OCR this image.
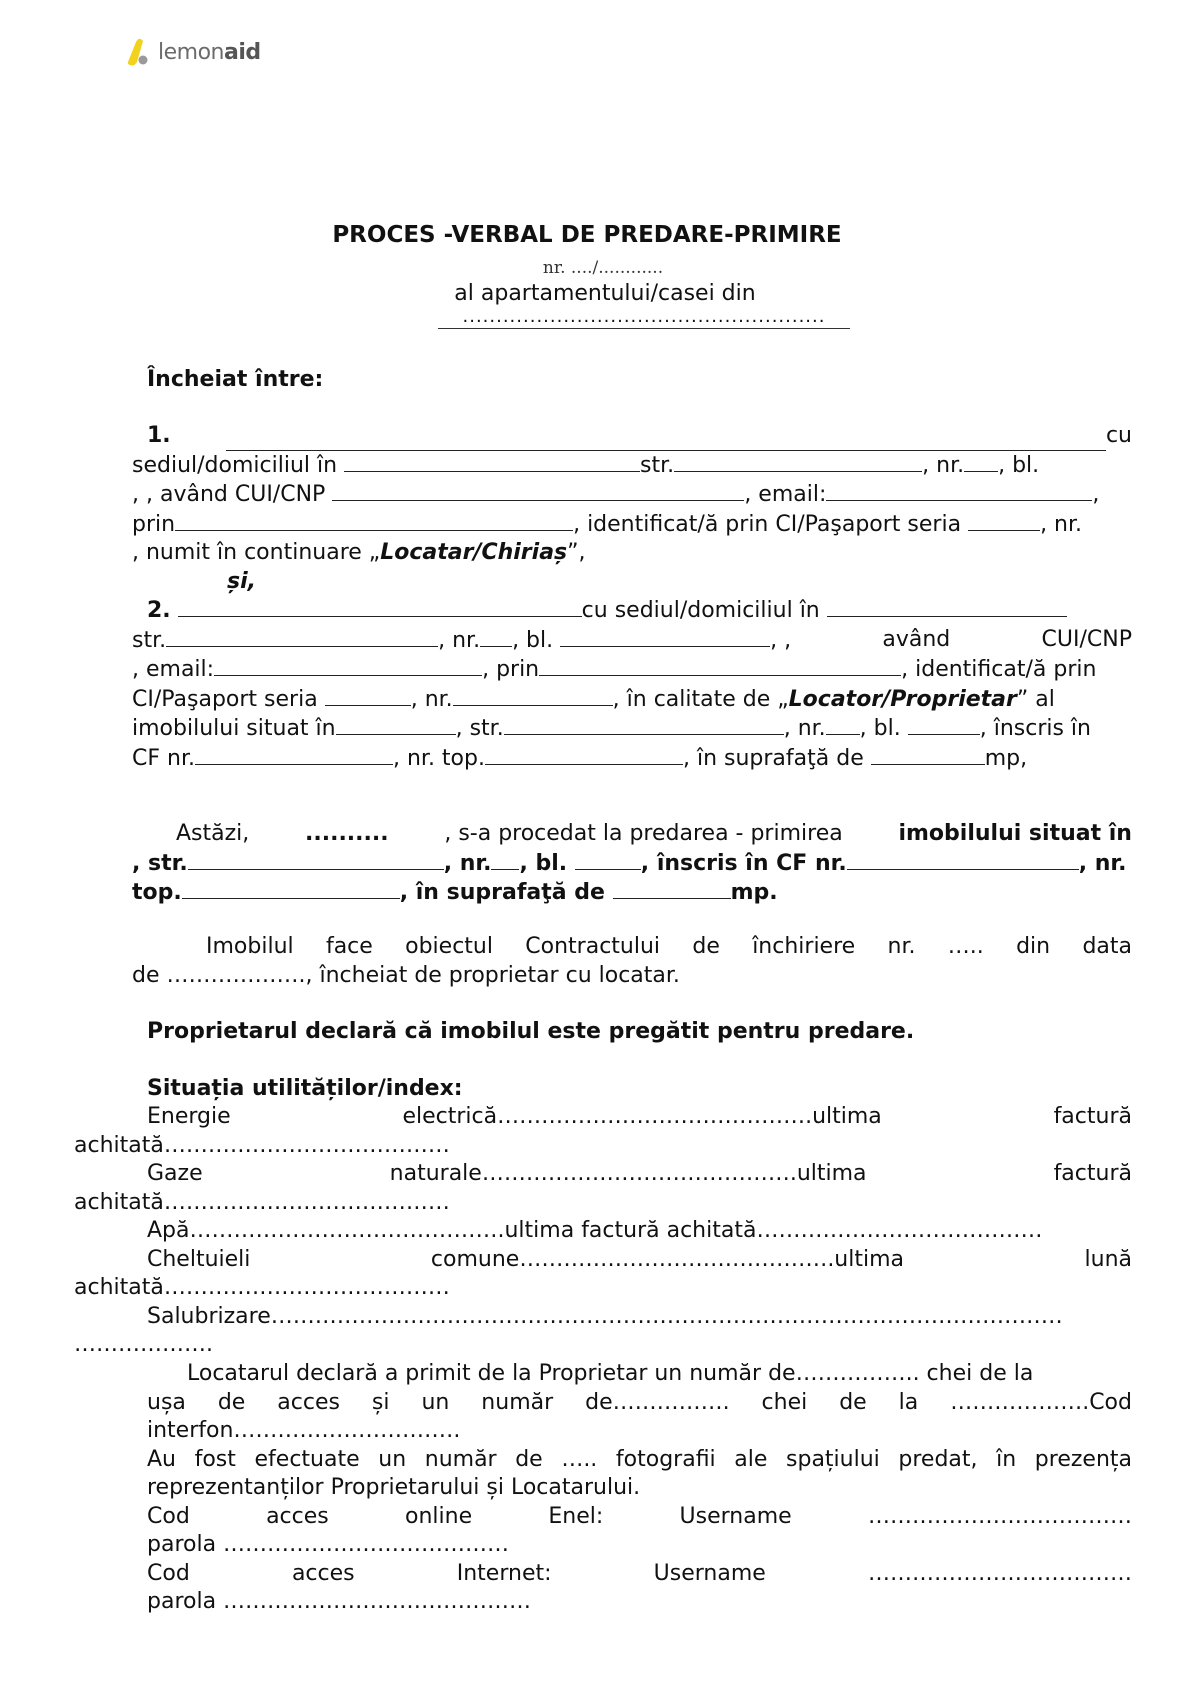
lemonaid
PROCES -VERBAL DE PREDARE-PRIMIRE
nr. ..../............
al apartamentului/casei din
......................................................
Încheiat între:
1.	cu
sediul/domiciliul în	str.	, nr. , bl.
, , având CUI/CNP	, email:	,
prin	, identificat/ă prin CI/Paşaport seria	, nr.
, numit în continuare „Locatar/Chiriaș”,
și,
2.	cu sediul/domiciliul în
str.	, nr. , bl.	, ,	având	CUI/CNP
, email:	, prin	, identificat/ă prin
CI/Paşaport seria	, nr.	, în calitate de „Locator/Proprietar” al
imobilului situat în	, str.	, nr. , bl.	, înscris în
CF nr.	, nr. top.	, în suprafaţă de	mp,
Astăzi,	..........	, s-a procedat la predarea - primirea	imobilului situat în
, str.	, nr. , bl.	, înscris în CF nr.	, nr.
top.	, în suprafaţă de	mp.
Imobilul face obiectul Contractului de închiriere nr. ….. din data
de ………………., încheiat de proprietar cu locatar.
Proprietarul declară că imobilul este pregătit pentru predare.
Situația utilităților/index:
Energie	electrică…………………………………….ultima	factură
achitată…………………………………
Gaze	naturale…………………………………….ultima	factură
achitată…………………………………
Apă…………………………………….ultima factură achitată…………………………………
Cheltuieli	comune…………………………………….ultima	lună
achitată…………………………………
Salubrizare………………………………………………………………………………………………
……………….
Locatarul declară a primit de la Proprietar un număr de…………….. chei de la
ușa de acces și un număr de……………. chei de la ……………….Cod
interfon………………………….
Au fost efectuate un număr de ….. fotografii ale spațiului predat, în prezența
reprezentanților Proprietarului și Locatarului.
Cod	acces	online	Enel:	Username	………………………………
parola …………………………………
Cod	acces	Internet:	Username	………………………………
parola ……………………………………
